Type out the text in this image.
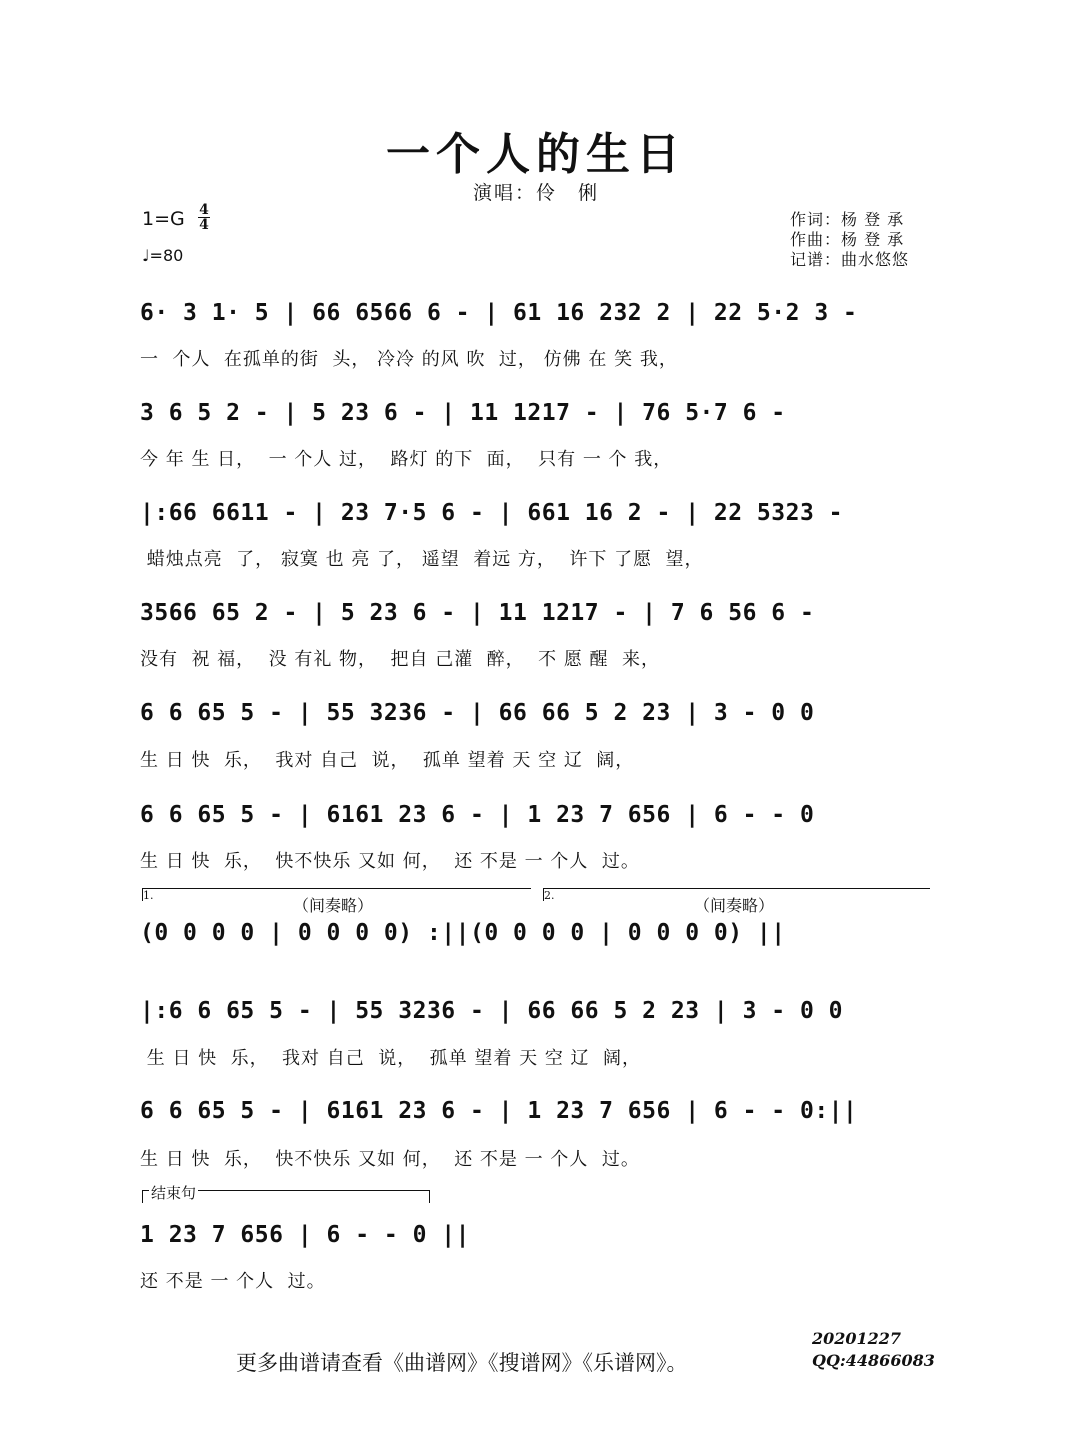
一个人的生日
演唱：伶　俐
1=G 4
4
♩=80
作词：杨 登 承
作曲：杨 登 承
记谱：曲水悠悠
6· 3 1· 5 | 66 6566 6 - | 61 16 232 2 | 22 5·2 3 -
一  个人  在孤单的街  头， 冷冷 的风 吹  过， 仿佛 在 笑 我，
3 6 5 2 - | 5 23 6 - | 11 1217 - | 76 5·7 6 -
今 年 生 日，  一 个人 过，  路灯 的下  面，  只有 一 个 我，
|:66 6611 - | 23 7·5 6 - | 661 16 2 - | 22 5323 -
蜡烛点亮  了， 寂寞 也 亮 了， 遥望  着远 方，  许下 了愿  望，
3566 65 2 - | 5 23 6 - | 11 1217 - | 7 6 56 6 -
没有  祝 福，  没 有礼 物，  把自 己灌  醉，  不 愿 醒  来，
6 6 65 5 - | 55 3236 - | 66 66 5 2 23 | 3 - 0 0
生 日 快  乐，  我对 自己  说，  孤单 望着 天 空 辽  阔，
6 6 65 5 - | 6161 23 6 - | 1 23 7 656 | 6 - - 0
生 日 快  乐，  快不快乐 又如 何，  还 不是 一 个人  过。
1.
（间奏略）
2.
（间奏略）
(0 0 0 0 | 0 0 0 0) :||(0 0 0 0 | 0 0 0 0) ||
|:6 6 65 5 - | 55 3236 - | 66 66 5 2 23 | 3 - 0 0
生 日 快  乐，  我对 自己  说，  孤单 望着 天 空 辽  阔，
6 6 65 5 - | 6161 23 6 - | 1 23 7 656 | 6 - - 0:||
生 日 快  乐，  快不快乐 又如 何，  还 不是 一 个人  过。
结束句
1 23 7 656 | 6 - - 0 ||
还 不是 一 个人  过。
20201227
QQ:44866083
更多曲谱请查看《曲谱网》《搜谱网》《乐谱网》。
